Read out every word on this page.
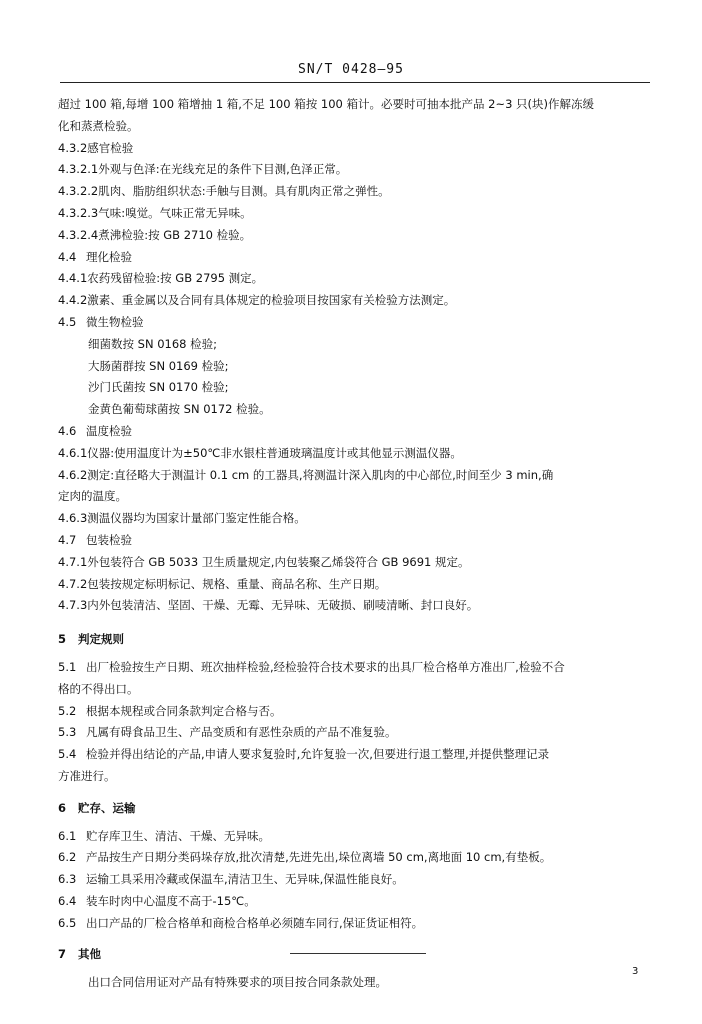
SN/T 0428—95
超过 100 箱,每增 100 箱增抽 1 箱,不足 100 箱按 100 箱计。必要时可抽本批产品 2~3 只(块)作解冻缓
化和蒸煮检验。
4.3.2感官检验
4.3.2.1外观与色泽:在光线充足的条件下目测,色泽正常。
4.3.2.2肌肉、脂肪组织状态:手触与目测。具有肌肉正常之弹性。
4.3.2.3气味:嗅觉。气味正常无异味。
4.3.2.4煮沸检验:按 GB 2710 检验。
4.4 理化检验
4.4.1农药残留检验:按 GB 2795 测定。
4.4.2激素、重金属以及合同有具体规定的检验项目按国家有关检验方法测定。
4.5 微生物检验
细菌数按 SN 0168 检验;
大肠菌群按 SN 0169 检验;
沙门氏菌按 SN 0170 检验;
金黄色葡萄球菌按 SN 0172 检验。
4.6 温度检验
4.6.1仪器:使用温度计为±50℃非水银柱普通玻璃温度计或其他显示测温仪器。
4.6.2测定:直径略大于测温计 0.1 cm 的工器具,将测温计深入肌肉的中心部位,时间至少 3 min,确
定肉的温度。
4.6.3测温仪器均为国家计量部门鉴定性能合格。
4.7 包装检验
4.7.1外包装符合 GB 5033 卫生质量规定,内包装聚乙烯袋符合 GB 9691 规定。
4.7.2包装按规定标明标记、规格、重量、商品名称、生产日期。
4.7.3内外包装清洁、坚固、干燥、无霉、无异味、无破损、刷唛清晰、封口良好。
5 判定规则
5.1 出厂检验按生产日期、班次抽样检验,经检验符合技术要求的出具厂检合格单方准出厂,检验不合
格的不得出口。
5.2 根据本规程或合同条款判定合格与否。
5.3 凡属有碍食品卫生、产品变质和有恶性杂质的产品不准复验。
5.4 检验并得出结论的产品,申请人要求复验时,允许复验一次,但要进行退工整理,并提供整理记录
方准进行。
6 贮存、运输
6.1 贮存库卫生、清洁、干燥、无异味。
6.2 产品按生产日期分类码垛存放,批次清楚,先进先出,垛位离墙 50 cm,离地面 10 cm,有垫板。
6.3 运输工具采用冷藏或保温车,清洁卫生、无异味,保温性能良好。
6.4 装车时肉中心温度不高于-15℃。
6.5 出口产品的厂检合格单和商检合格单必须随车同行,保证货证相符。
7 其他
出口合同信用证对产品有特殊要求的项目按合同条款处理。
3
